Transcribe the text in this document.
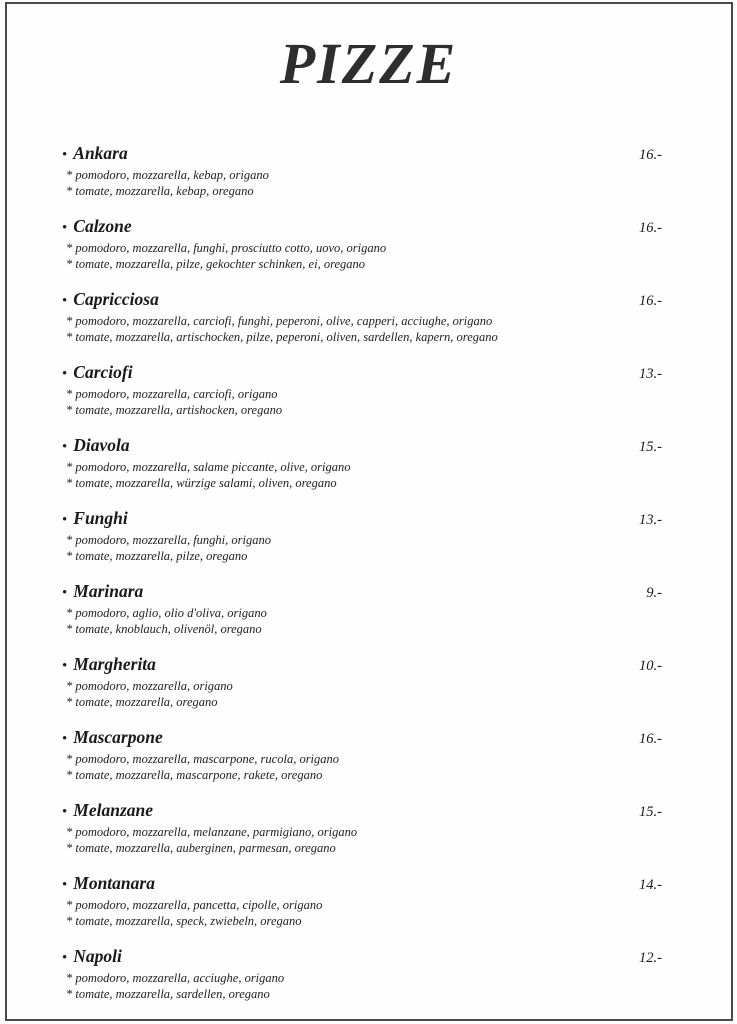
PIZZE
• Ankara	16.-
* pomodoro, mozzarella, kebap, origano
* tomate, mozzarella, kebap, oregano
• Calzone	16.-
* pomodoro, mozzarella, funghi, prosciutto cotto, uovo, origano
* tomate, mozzarella, pilze, gekochter schinken, ei, oregano
• Capricciosa	16.-
* pomodoro, mozzarella, carciofi, funghi, peperoni, olive, capperi, acciughe, origano
* tomate, mozzarella, artischocken, pilze, peperoni, oliven, sardellen, kapern, oregano
• Carciofi	13.-
* pomodoro, mozzarella, carciofi, origano
* tomate, mozzarella, artishocken, oregano
• Diavola	15.-
* pomodoro, mozzarella, salame piccante, olive, origano
* tomate, mozzarella, würzige salami, oliven, oregano
• Funghi	13.-
* pomodoro, mozzarella, funghi, origano
* tomate, mozzarella, pilze, oregano
• Marinara	9.-
* pomodoro, aglio, olio d'oliva, origano
* tomate, knoblauch, olivenöl, oregano
• Margherita	10.-
* pomodoro, mozzarella, origano
* tomate, mozzarella, oregano
• Mascarpone	16.-
* pomodoro, mozzarella, mascarpone, rucola, origano
* tomate, mozzarella, mascarpone, rakete, oregano
• Melanzane	15.-
* pomodoro, mozzarella, melanzane, parmigiano, origano
* tomate, mozzarella, auberginen, parmesan, oregano
• Montanara	14.-
* pomodoro, mozzarella, pancetta, cipolle, origano
* tomate, mozzarella, speck, zwiebeln, oregano
• Napoli	12.-
* pomodoro, mozzarella, acciughe, origano
* tomate, mozzarella, sardellen, oregano
